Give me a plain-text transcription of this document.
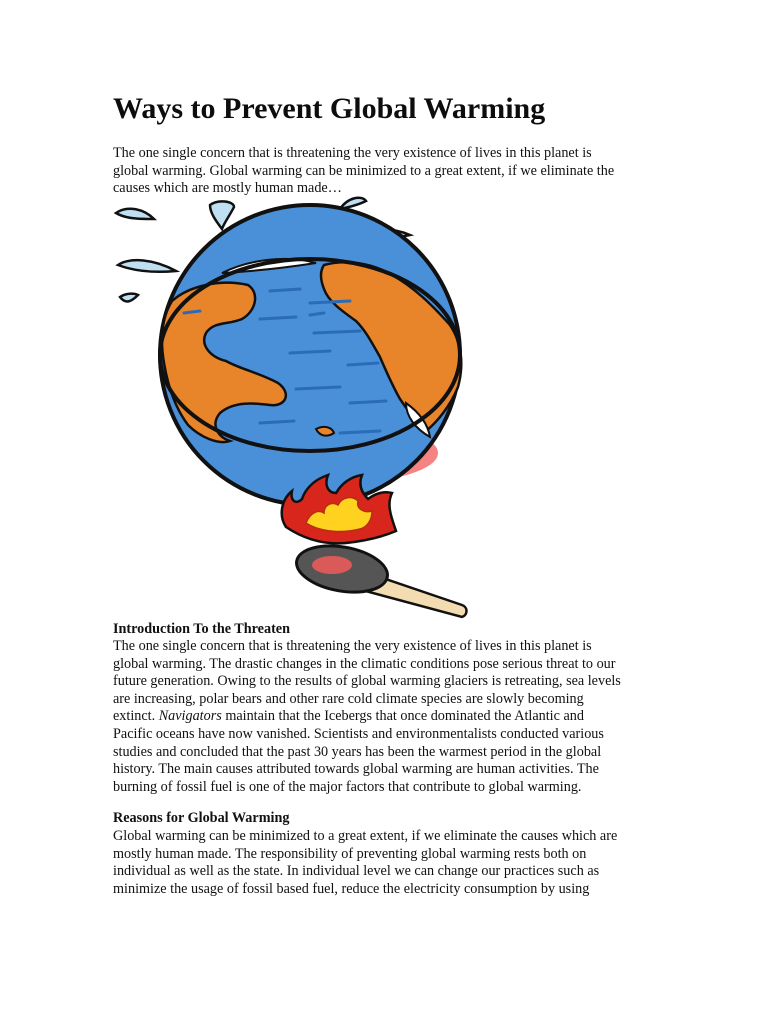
Ways to Prevent Global Warming
The one single concern that is threatening the very existence of lives in this planet is
global warming. Global warming can be minimized to a great extent, if we eliminate the
causes which are mostly human made…
Introduction To the Threaten
The one single concern that is threatening the very existence of lives in this planet is
global warming. The drastic changes in the climatic conditions pose serious threat to our
future generation. Owing to the results of global warming glaciers is retreating, sea levels
are increasing, polar bears and other rare cold climate species are slowly becoming
extinct. Navigators maintain that the Icebergs that once dominated the Atlantic and
Pacific oceans have now vanished. Scientists and environmentalists conducted various
studies and concluded that the past 30 years has been the warmest period in the global
history. The main causes attributed towards global warming are human activities. The
burning of fossil fuel is one of the major factors that contribute to global warming.
Reasons for Global Warming
Global warming can be minimized to a great extent, if we eliminate the causes which are
mostly human made. The responsibility of preventing global warming rests both on
individual as well as the state. In individual level we can change our practices such as
minimize the usage of fossil based fuel, reduce the electricity consumption by using
